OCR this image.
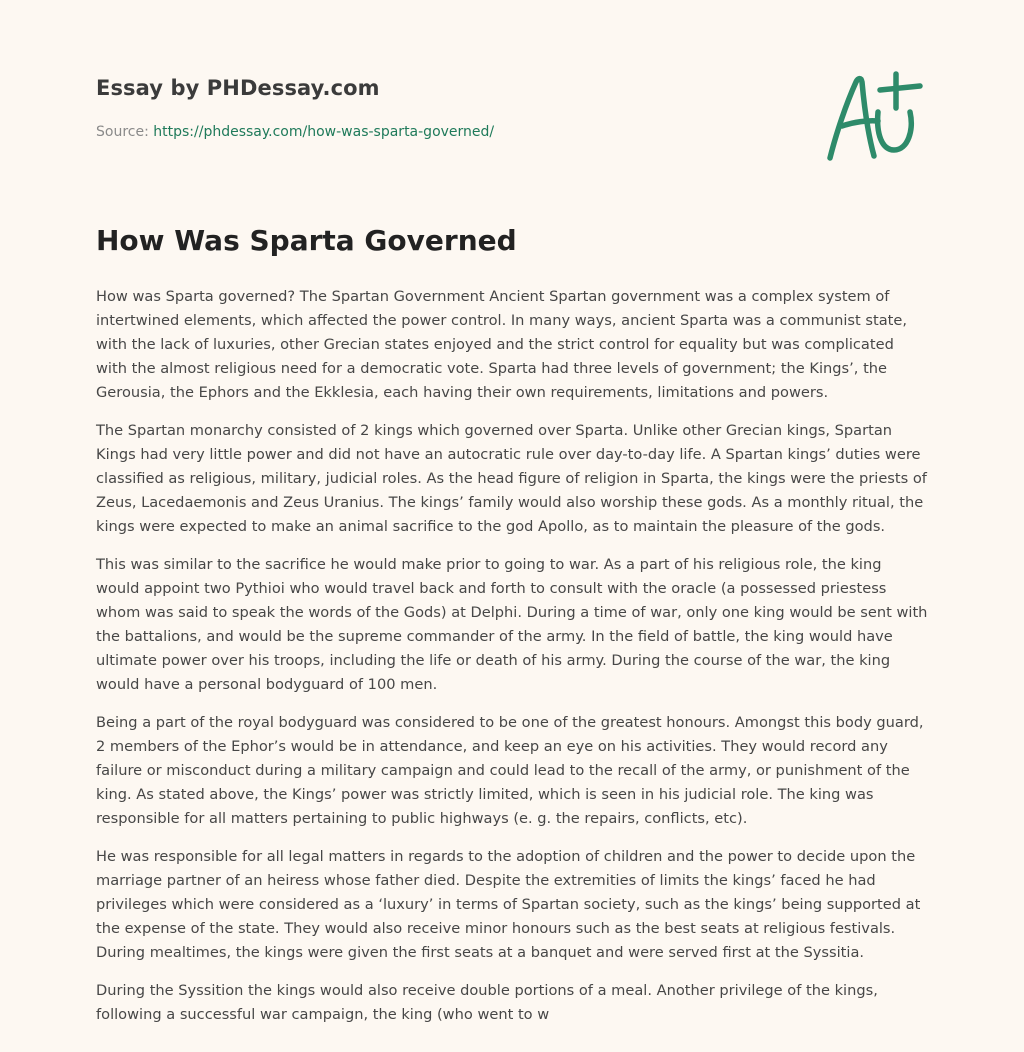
Essay by PHDessay.com
Source: https://phdessay.com/how-was-sparta-governed/
How Was Sparta Governed

How was Sparta governed? The Spartan Government Ancient Spartan government was a complex system of intertwined elements, which affected the power control. In many ways, ancient Sparta was a communist state, with the lack of luxuries, other Grecian states enjoyed and the strict control for equality but was complicated with the almost religious need for a democratic vote. Sparta had three levels of government; the Kings’, the Gerousia, the Ephors and the Ekklesia, each having their own requirements, limitations and powers.

The Spartan monarchy consisted of 2 kings which governed over Sparta. Unlike other Grecian kings, Spartan Kings had very little power and did not have an autocratic rule over day-to-day life. A Spartan kings’ duties were classified as religious, military, judicial roles. As the head figure of religion in Sparta, the kings were the priests of Zeus, Lacedaemonis and Zeus Uranius. The kings’ family would also worship these gods. As a monthly ritual, the kings were expected to make an animal sacrifice to the god Apollo, as to maintain the pleasure of the gods.

This was similar to the sacrifice he would make prior to going to war. As a part of his religious role, the king would appoint two Pythioi who would travel back and forth to consult with the oracle (a possessed priestess whom was said to speak the words of the Gods) at Delphi. During a time of war, only one king would be sent with the battalions, and would be the supreme commander of the army. In the field of battle, the king would have ultimate power over his troops, including the life or death of his army. During the course of the war, the king would have a personal bodyguard of 100 men.

Being a part of the royal bodyguard was considered to be one of the greatest honours. Amongst this body guard, 2 members of the Ephor’s would be in attendance, and keep an eye on his activities. They would record any failure or misconduct during a military campaign and could lead to the recall of the army, or punishment of the king. As stated above, the Kings’ power was strictly limited, which is seen in his judicial role. The king was responsible for all matters pertaining to public highways (e. g. the repairs, conflicts, etc).

He was responsible for all legal matters in regards to the adoption of children and the power to decide upon the marriage partner of an heiress whose father died. Despite the extremities of limits the kings’ faced he had privileges which were considered as a ‘luxury’ in terms of Spartan society, such as the kings’ being supported at the expense of the state. They would also receive minor honours such as the best seats at religious festivals. During mealtimes, the kings were given the first seats at a banquet and were served first at the Syssitia.

During the Syssition the kings would also receive double portions of a meal. Another privilege of the kings, following a successful war campaign, the king (who went to w
